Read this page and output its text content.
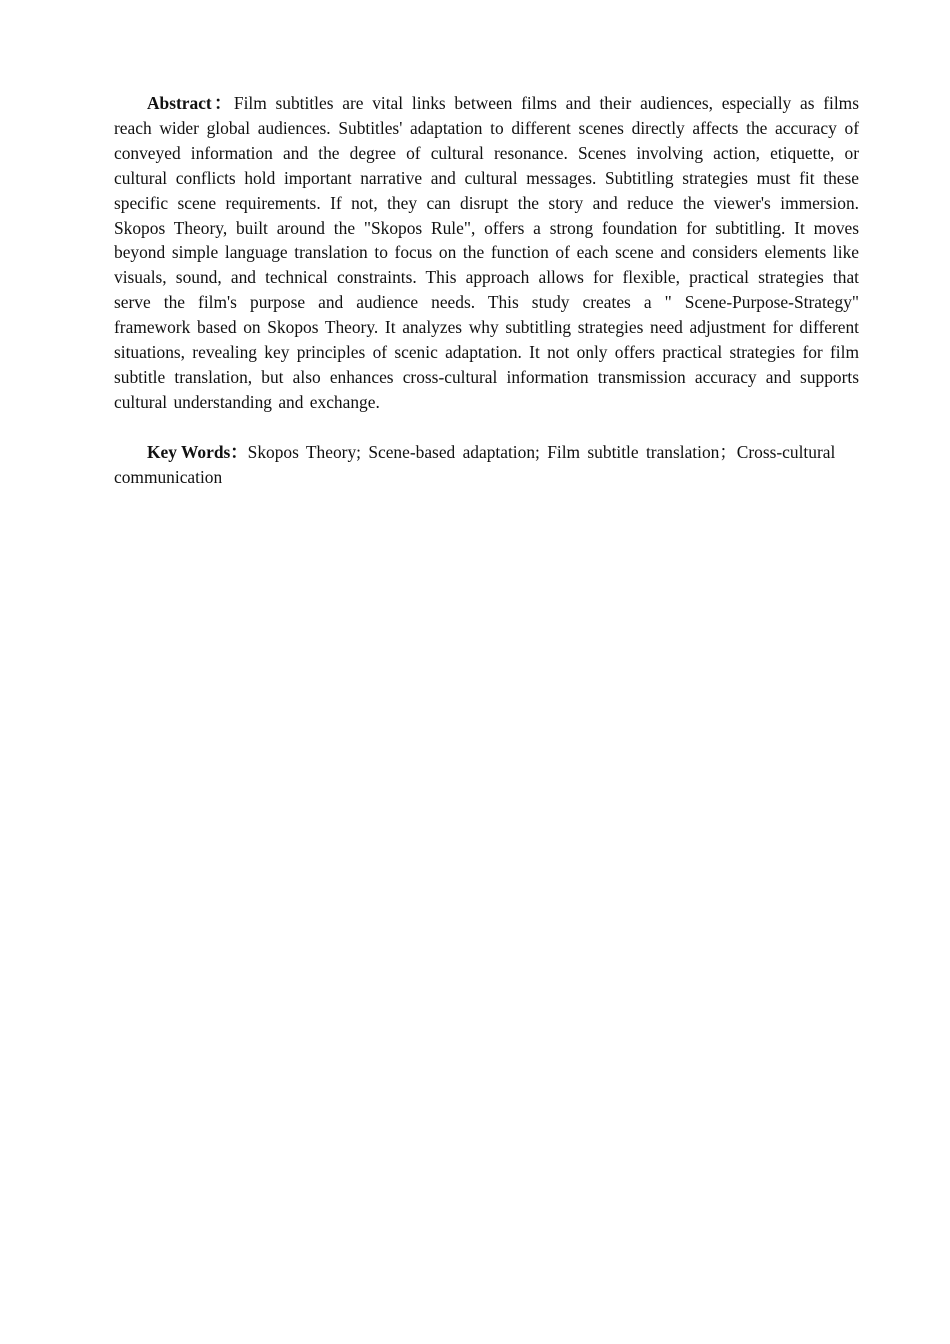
Abstract：Film subtitles are vital links between films and their audiences, especially as films reach wider global audiences. Subtitles' adaptation to different scenes directly affects the accuracy of conveyed information and the degree of cultural resonance. Scenes involving action, etiquette, or cultural conflicts hold important narrative and cultural messages. Subtitling strategies must fit these specific scene requirements. If not, they can disrupt the story and reduce the viewer's immersion. Skopos Theory, built around the "Skopos Rule", offers a strong foundation for subtitling. It moves beyond simple language translation to focus on the function of each scene and considers elements like visuals, sound, and technical constraints. This approach allows for flexible, practical strategies that serve the film's purpose and audience needs. This study creates a " Scene-Purpose-Strategy" framework based on Skopos Theory. It analyzes why subtitling strategies need adjustment for different situations, revealing key principles of scenic adaptation. It not only offers practical strategies for film subtitle translation, but also enhances cross-cultural information transmission accuracy and supports cultural understanding and exchange.

Key Words：Skopos Theory; Scene-based adaptation; Film subtitle translation；Cross-cultural communication
